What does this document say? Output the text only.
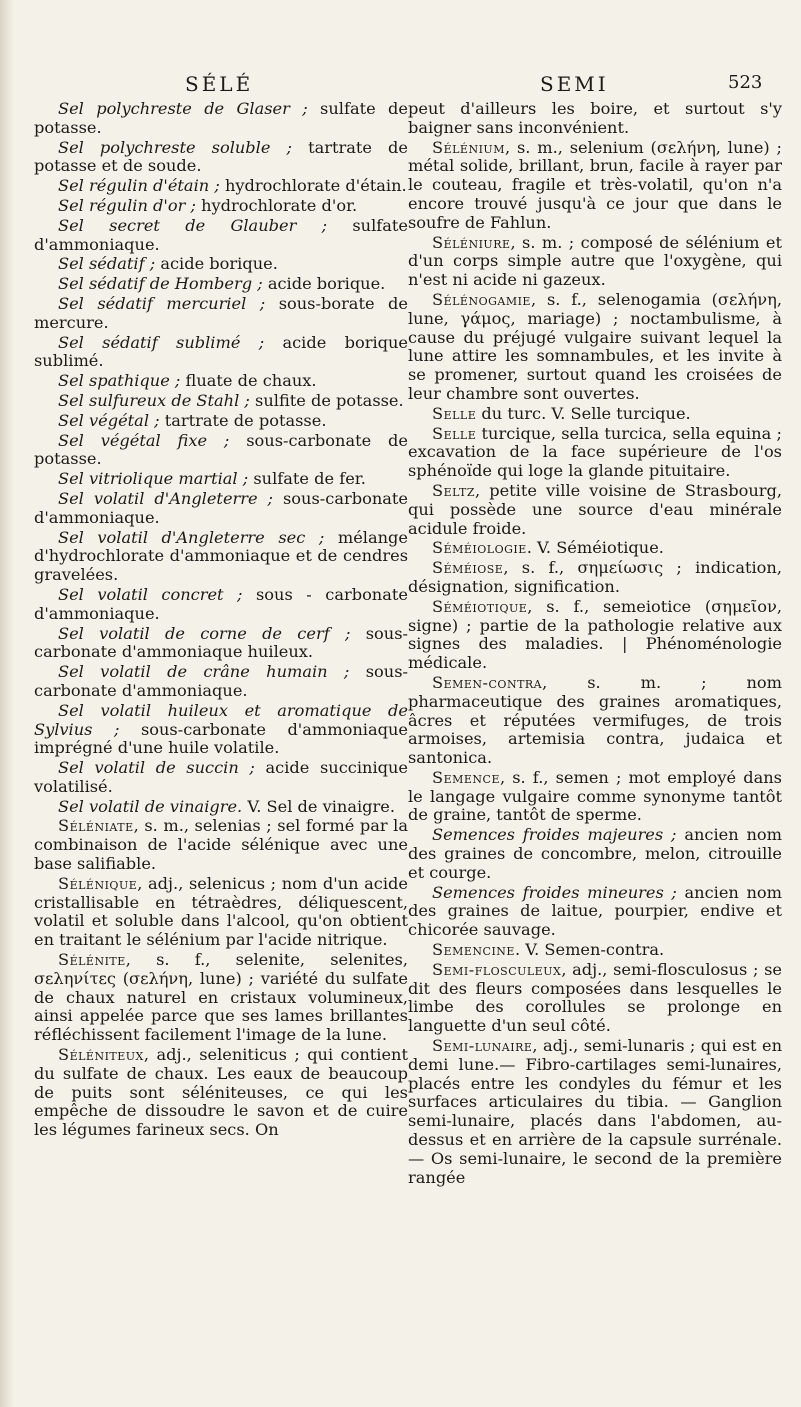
SÉLÉ	SEMI	523

Sel polychreste de Glaser ; sulfate de potasse.

Sel polychreste soluble ; tartrate de potasse et de soude.

Sel régulin d'étain ; hydrochlorate d'étain.

Sel régulin d'or ; hydrochlorate d'or.

Sel secret de Glauber ; sulfate d'ammoniaque.

Sel sédatif ; acide borique.

Sel sédatif de Homberg ; acide borique.

Sel sédatif mercuriel ; sous-borate de mercure.

Sel sédatif sublimé ; acide borique sublimé.

Sel spathique ; fluate de chaux.

Sel sulfureux de Stahl ; sulfite de potasse.

Sel végétal ; tartrate de potasse.

Sel végétal fixe ; sous-carbonate de potasse.

Sel vitriolique martial ; sulfate de fer.

Sel volatil d'Angleterre ; sous-carbonate d'ammoniaque.

Sel volatil d'Angleterre sec ; mélange d'hydrochlorate d'ammoniaque et de cendres gravelées.

Sel volatil concret ; sous - carbonate d'ammoniaque.

Sel volatil de corne de cerf ; sous-carbonate d'ammoniaque huileux.

Sel volatil de crâne humain ; sous-carbonate d'ammoniaque.

Sel volatil huileux et aromatique de Sylvius ; sous-carbonate d'ammoniaque imprégné d'une huile volatile.

Sel volatil de succin ; acide succinique volatilisé.

Sel volatil de vinaigre. V. Sel de vinaigre.

Séléniate, s. m., selenias ; sel formé par la combinaison de l'acide sélénique avec une base salifiable.

Sélénique, adj., selenicus ; nom d'un acide cristallisable en tétraèdres, déliquescent, volatil et soluble dans l'alcool, qu'on obtient en traitant le sélénium par l'acide nitrique.

Sélénite, s. f., selenite, selenites, σεληνίτες (σελήνη, lune) ; variété du sulfate de chaux naturel en cristaux volumineux, ainsi appelée parce que ses lames brillantes réfléchissent facilement l'image de la lune.

Séléniteux, adj., seleniticus ; qui contient du sulfate de chaux. Les eaux de beaucoup de puits sont séléniteuses, ce qui les empêche de dissoudre le savon et de cuire les légumes farineux secs. On

peut d'ailleurs les boire, et surtout s'y baigner sans inconvénient.

Sélénium, s. m., selenium (σελήνη, lune) ; métal solide, brillant, brun, facile à rayer par le couteau, fragile et très-volatil, qu'on n'a encore trouvé jusqu'à ce jour que dans le soufre de Fahlun.

Séléniure, s. m. ; composé de sélénium et d'un corps simple autre que l'oxygène, qui n'est ni acide ni gazeux.

Sélénogamie, s. f., selenogamia (σελήνη, lune, γάμος, mariage) ; noctambulisme, à cause du préjugé vulgaire suivant lequel la lune attire les somnambules, et les invite à se promener, surtout quand les croisées de leur chambre sont ouvertes.

Selle du turc. V. Selle turcique.

Selle turcique, sella turcica, sella equina ; excavation de la face supérieure de l'os sphénoïde qui loge la glande pituitaire.

Seltz, petite ville voisine de Strasbourg, qui possède une source d'eau minérale acidule froide.

Séméiologie. V. Séméiotique.

Séméiose, s. f., σημείωσις ; indication, désignation, signification.

Séméiotique, s. f., semeiotice (σημεῖον, signe) ; partie de la pathologie relative aux signes des maladies. | Phénoménologie médicale.

Semen-contra, s. m. ; nom pharmaceutique des graines aromatiques, âcres et réputées vermifuges, de trois armoises, artemisia contra, judaica et santonica.

Semence, s. f., semen ; mot employé dans le langage vulgaire comme synonyme tantôt de graine, tantôt de sperme.

Semences froides majeures ; ancien nom des graines de concombre, melon, citrouille et courge.

Semences froides mineures ; ancien nom des graines de laitue, pourpier, endive et chicorée sauvage.

Semencine. V. Semen-contra.

Semi-flosculeux, adj., semi-flosculosus ; se dit des fleurs composées dans lesquelles le limbe des corollules se prolonge en languette d'un seul côté.

Semi-lunaire, adj., semi-lunaris ; qui est en demi lune.— Fibro-cartilages semi-lunaires, placés entre les condyles du fémur et les surfaces articulaires du tibia. — Ganglion semi-lunaire, placés dans l'abdomen, au-dessus et en arrière de la capsule surrénale. — Os semi-lunaire, le second de la première rangée
